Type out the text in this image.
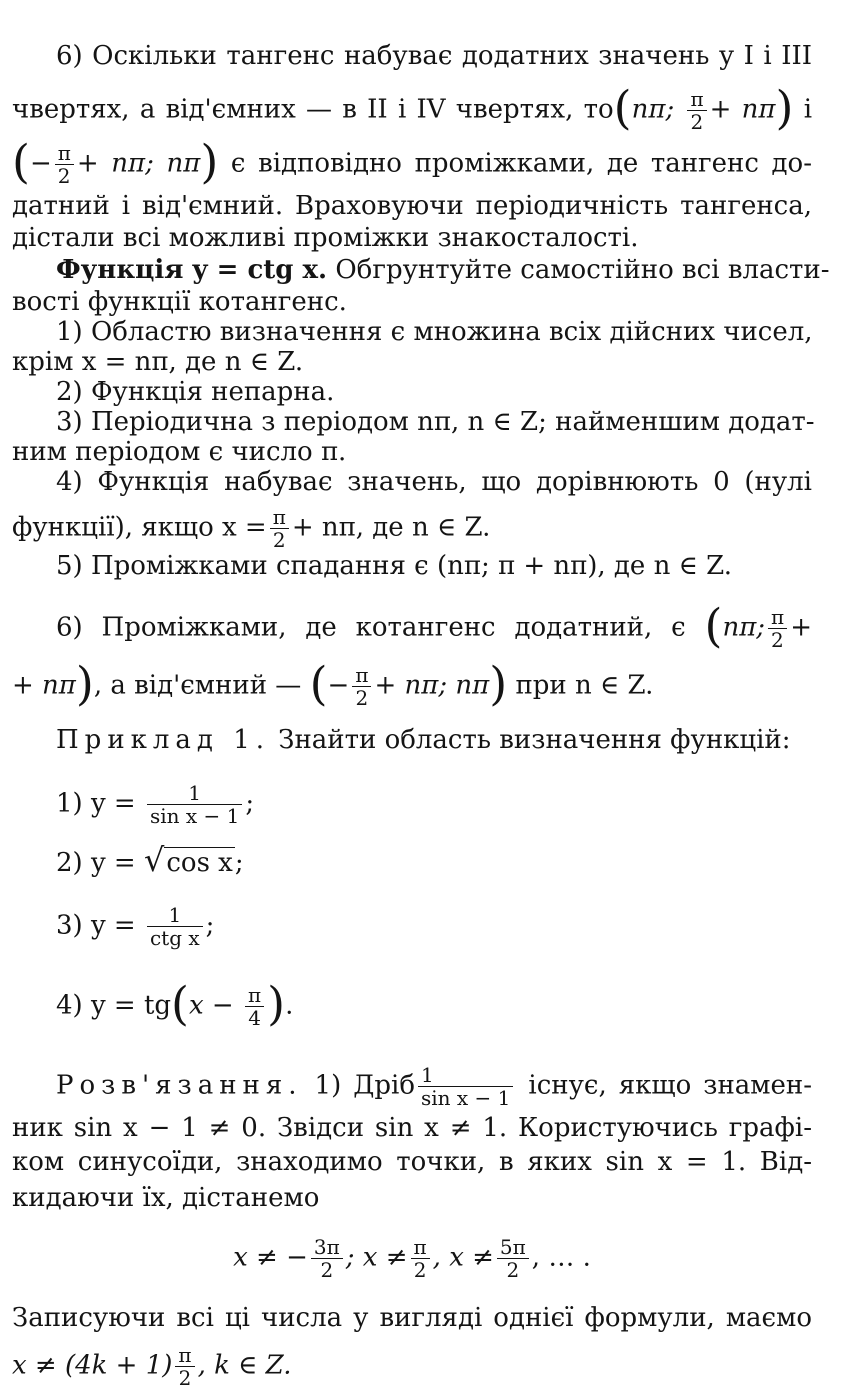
6) Оскільки тангенс набуває додатних значень у I і III
чвертях, а від'ємних — в II і IV чвертях, то(nπ; $\frac{\pi}{2} + n\pi$) і
(− $\frac{\pi}{2} + n\pi$; nπ) є відповідно проміжками, де тангенс до-
датний і від'ємний. Враховуючи періодичність тангенса,
дістали всі можливі проміжки знакосталості.
Функція y = ctg x. Обгрунтуйте самостійно всі власти-
вості функції котангенс.
1) Областю визначення є множина всіх дійсних чисел,
крім x = nπ, де n ∈ Z.
2) Функція непарна.
3) Періодична з періодом nπ, n ∈ Z; найменшим додат-
ним періодом є число π.
4) Функція набуває значень, що дорівнюють 0 (нулі
функції), якщо $x = \frac{\pi}{2} + n\pi$, де n ∈ Z.
5) Проміжками спадання є (nπ; π + nπ), де n ∈ Z.
6) Проміжками, де котангенс додатний, є (nπ; $\frac{\pi}{2}$ +
+ nπ), а від'ємний — (− $\frac{\pi}{2} + n\pi$; nπ) при n ∈ Z.
Приклад 1. Знайти область визначення функцій:
1) $y = \frac{1}{\text{sin x − 1}}$ ;
2) y = √cos x;
3) $y = \frac{1}{\text{ctg x}}$ ;
4) $y = tg(x - \frac{\pi}{4}$ ).
Розв'язання. 1) Дріб $\frac{1}{\text{sin x − 1}}$ існує, якщо знамен-
ник sin x − 1 ≠ 0. Звідси sin x ≠ 1. Користуючись графі-
ком синусоїди, знаходимо точки, в яких sin x = 1. Від-
кидаючи їх, дістанемо
x ≠ − $\frac{3\pi}{2}$ ; $x \ne \frac{\pi}{2}$ , $x \ne \frac{5\pi}{2}$ , … .
Записуючи всі ці числа у вигляді однієї формули, маємо
$x \ne (4k + 1) \frac{\pi}{2}$ , k ∈ Z.
